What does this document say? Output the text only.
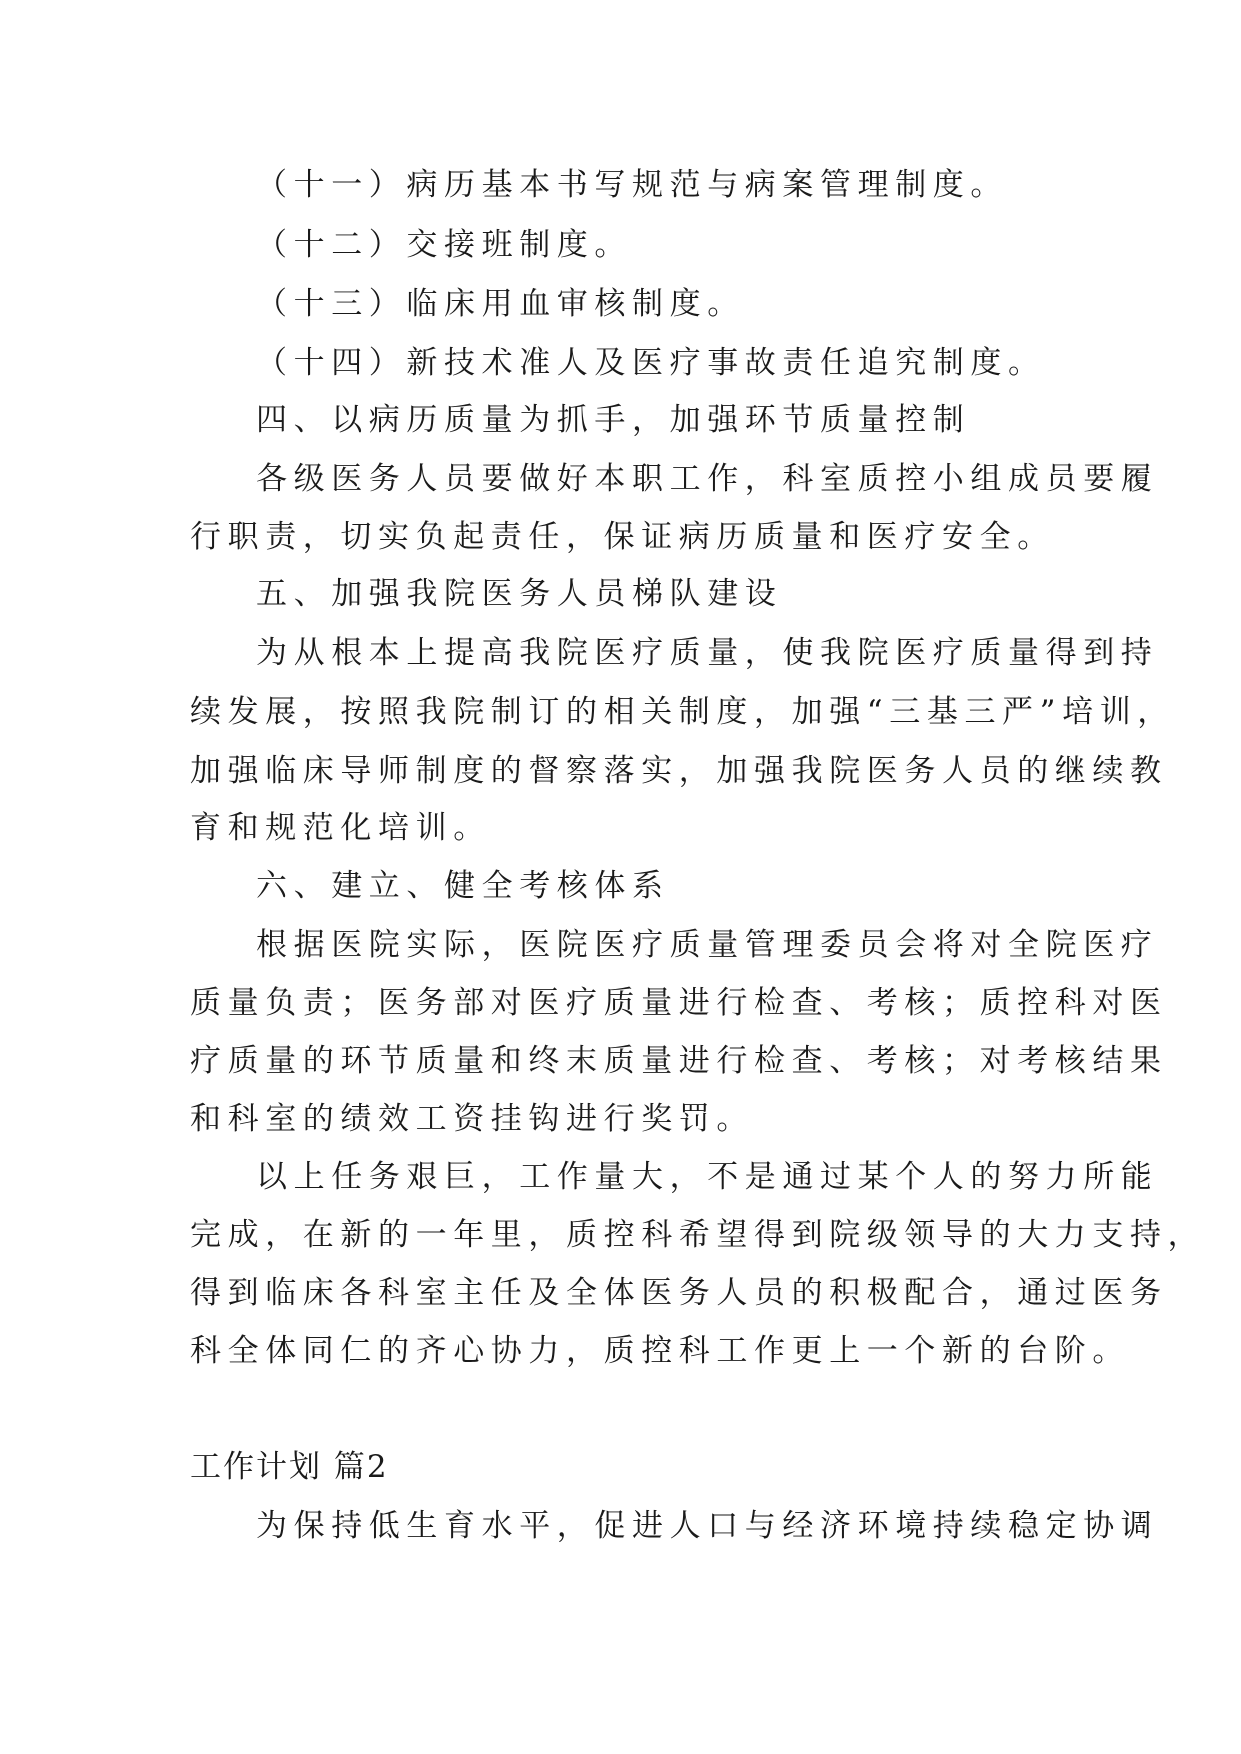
（十一）病历基本书写规范与病案管理制度。
（十二）交接班制度。
（十三）临床用血审核制度。
（十四）新技术准人及医疗事故责任追究制度。
四、以病历质量为抓手，加强环节质量控制
各级医务人员要做好本职工作，科室质控小组成员要履
行职责，切实负起责任，保证病历质量和医疗安全。
五、加强我院医务人员梯队建设
为从根本上提高我院医疗质量，使我院医疗质量得到持
续发展，按照我院制订的相关制度，加强“三基三严”培训，
加强临床导师制度的督察落实，加强我院医务人员的继续教
育和规范化培训。
六、建立、健全考核体系
根据医院实际，医院医疗质量管理委员会将对全院医疗
质量负责；医务部对医疗质量进行检查、考核；质控科对医
疗质量的环节质量和终末质量进行检查、考核；对考核结果
和科室的绩效工资挂钩进行奖罚。
以上任务艰巨，工作量大，不是通过某个人的努力所能
完成，在新的一年里，质控科希望得到院级领导的大力支持，
得到临床各科室主任及全体医务人员的积极配合，通过医务
科全体同仁的齐心协力，质控科工作更上一个新的台阶。
工作计划 篇2
为保持低生育水平，促进人口与经济环境持续稳定协调
